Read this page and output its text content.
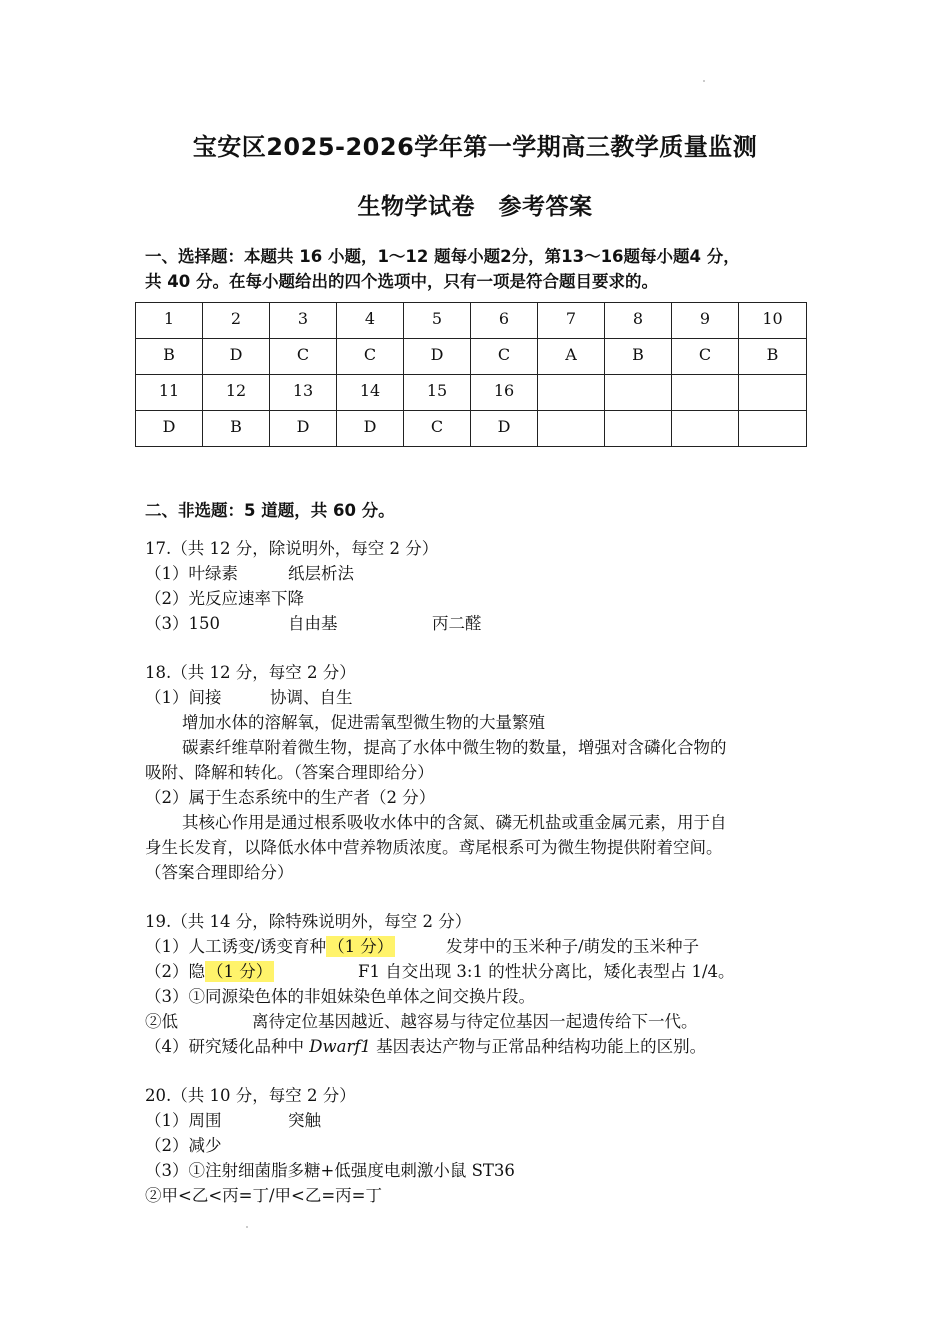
宝安区2025-2026学年第一学期高三教学质量监测
生物学试卷　参考答案
一、选择题：本题共 16 小题，1～12 题每小题2分，第13～16题每小题4 分，
共 40 分。在每小题给出的四个选项中，只有一项是符合题目要求的。
1	2	3	4	5	6	7	8	9	10
B	D	C	C	D	C	A	B	C	B
11	12	13	14	15	16				
D	B	D	D	C	D				
二、非选题：5 道题，共 60 分。
17.（共 12 分，除说明外，每空 2 分）
（1）叶绿素	纸层析法
（2）光反应速率下降
（3）150	自由基	丙二醛
18.（共 12 分，每空 2 分）
（1）间接	协调、自生
增加水体的溶解氧，促进需氧型微生物的大量繁殖
碳素纤维草附着微生物，提高了水体中微生物的数量，增强对含磷化合物的
吸附、降解和转化。（答案合理即给分）
（2）属于生态系统中的生产者（2 分）
其核心作用是通过根系吸收水体中的含氮、磷无机盐或重金属元素，用于自
身生长发育，以降低水体中营养物质浓度。鸢尾根系可为微生物提供附着空间。
（答案合理即给分）
19.（共 14 分，除特殊说明外，每空 2 分）
（1）人工诱变/诱变育种 （1 分）	发芽中的玉米种子/萌发的玉米种子
（2）隐 （1 分）	F1 自交出现 3:1 的性状分离比，矮化表型占 1/4。
（3）①同源染色体的非姐妹染色单体之间交换片段。
②低	离待定位基因越近、越容易与待定位基因一起遗传给下一代。
（4）研究矮化品种中 Dwarf1 基因表达产物与正常品种结构功能上的区别。
20.（共 10 分，每空 2 分）
（1）周围	突触
（2）减少
（3）①注射细菌脂多糖+低强度电刺激小鼠 ST36
②甲<乙<丙=丁/甲<乙=丙=丁
